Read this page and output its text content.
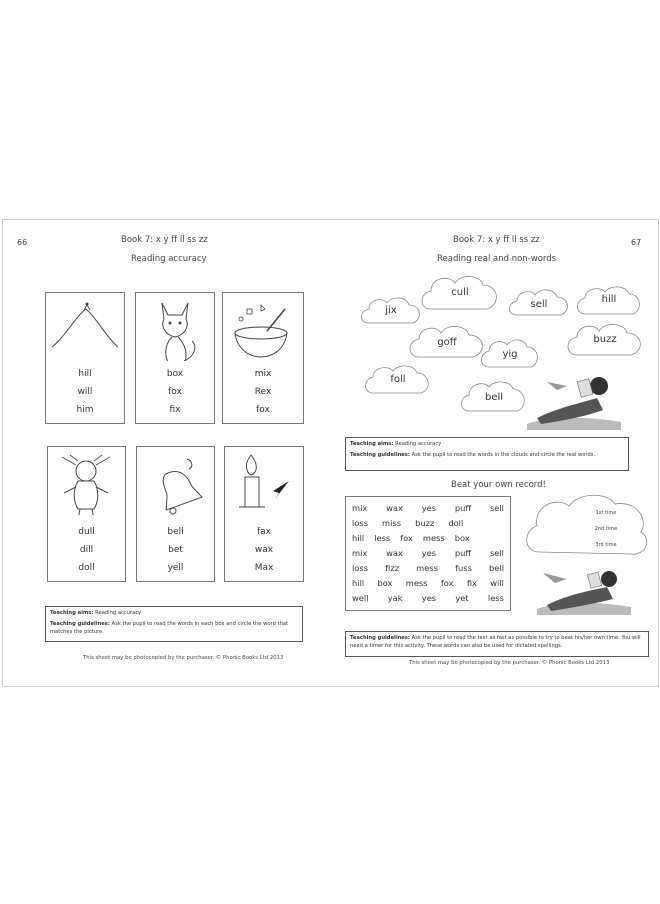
66	Book 7: x y ff ll ss zz
Reading accuracy
hill
will
him
box
fox
fix
mix
Rex
fox
dull
dill
doll
bell
bet
yell
fax
wax
Max
Teaching aims: Reading accuracy
Teaching guidelines: Ask the pupil to read the words in each box and circle the word that matches the picture.
This sheet may be photocopied by the purchaser. © Phonic Books Ltd 2013
Book 7: x y ff ll ss zz	67
Reading real and non-words
jix
cull
sell	hill
goff
yig
buzz
foll
bell
Teaching aims: Reading accuracy
Teaching guidelines: Ask the pupil to read the words in the clouds and circle the real words.
Beat your own record!
mix wax yes puff sell
loss miss buzz doll
hill less fox mess box
mix wax yes puff sell
loss fizz mess fuss bell
hill box mess fox fix will
well yak yes yet less
1st time
2nd time
3rd time
Teaching guidelines: Ask the pupil to read the text as fast as possible to try to beat his/her own time. You will need a timer for this activity. These words can also be used for dictated spellings.
This sheet may be photocopied by the purchaser. © Phonic Books Ltd 2013
